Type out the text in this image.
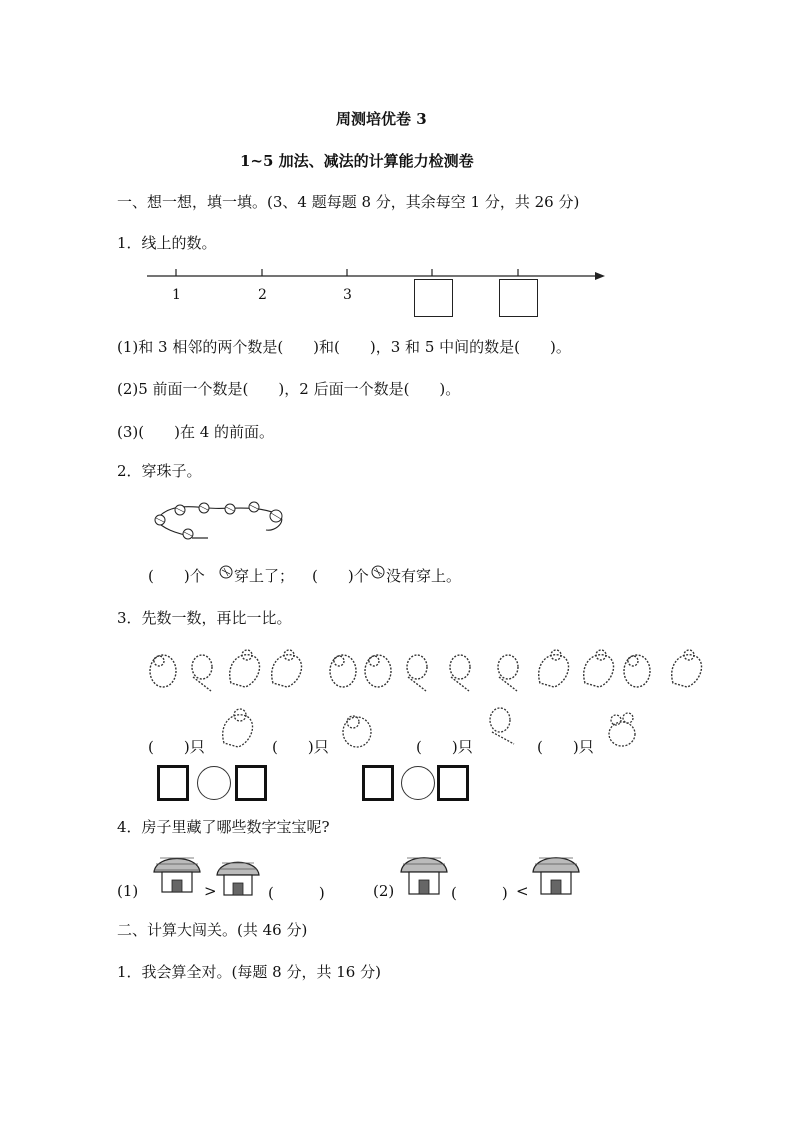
周测培优卷 3
1~5 加法、减法的计算能力检测卷
一、想一想，填一填。(3、4 题每题 8 分，其余每空 1 分，共 26 分)
1．线上的数。
1	2	3
(1)和 3 相邻的两个数是(　　)和(　　)，3 和 5 中间的数是(　　)。
(2)5 前面一个数是(　　)，2 后面一个数是(　　)。
(3)(　　)在 4 的前面。
2．穿珠子。
(　　)个 穿上了； (　　)个 没有穿上。
3．先数一数，再比一比。
(　　)只	(　　)只	(　　)只	(　　)只
4．房子里藏了哪些数字宝宝呢?
(1)	>	(　　　)	(2)	(　　　) <
二、计算大闯关。(共 46 分)
1．我会算全对。(每题 8 分，共 16 分)
